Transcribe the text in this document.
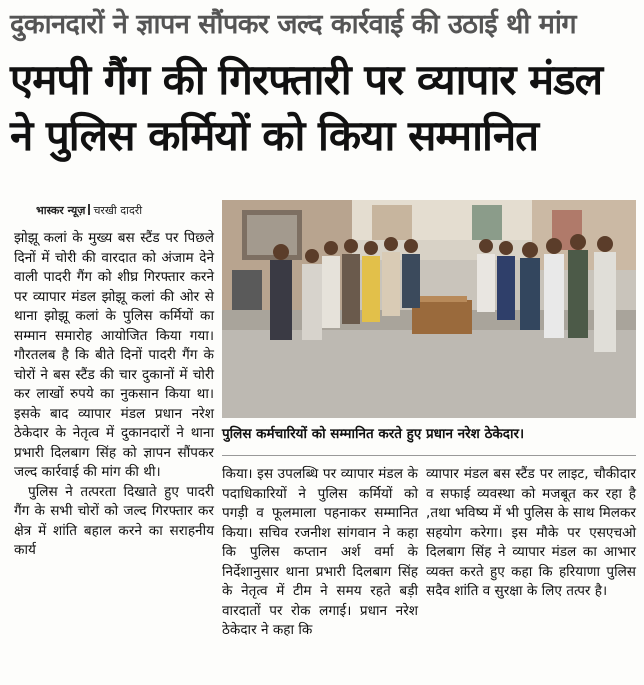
दुकानदारों ने ज्ञापन सौंपकर जल्द कार्रवाई की उठाई थी मांग
एमपी गैंग की गिरफ्तारी पर व्यापार मंडल
ने पुलिस कर्मियों को किया सम्मानित
भास्कर न्यूज़ चरखी दादरी
पुलिस कर्मचारियों को सम्मानित करते हुए प्रधान नरेश ठेकेदार।

झोझू कलां के मुख्य बस स्टैंड पर पिछले दिनों में चोरी की वारदात को अंजाम देने वाली पादरी गैंग को शीघ्र गिरफ्तार करने पर व्यापार मंडल झोझू कलां की ओर से थाना झोझू कलां के पुलिस कर्मियों का सम्मान समारोह आयोजित किया गया। गौरतलब है कि बीते दिनों पादरी गैंग के चोरों ने बस स्टैंड की चार दुकानों में चोरी कर लाखों रुपये का नुकसान किया था। इसके बाद व्यापार मंडल प्रधान नरेश ठेकेदार के नेतृत्व में दुकानदारों ने थाना प्रभारी दिलबाग सिंह को ज्ञापन सौंपकर जल्द कार्रवाई की मांग की थी।

पुलिस ने तत्परता दिखाते हुए पादरी गैंग के सभी चोरों को जल्द गिरफ्तार कर क्षेत्र में शांति बहाल करने का सराहनीय कार्य

किया। इस उपलब्धि पर व्यापार मंडल के पदाधिकारियों ने पुलिस कर्मियों को पगड़ी व फूलमाला पहनाकर सम्मानित किया। सचिव रजनीश सांगवान ने कहा कि पुलिस कप्तान अर्श वर्मा के निर्देशानुसार थाना प्रभारी दिलबाग सिंह के नेतृत्व में टीम ने समय रहते बड़ी वारदातों पर रोक लगाई। प्रधान नरेश ठेकेदार ने कहा कि

व्यापार मंडल बस स्टैंड पर लाइट, चौकीदार व सफाई व्यवस्था को मजबूत कर रहा है ,तथा भविष्य में भी पुलिस के साथ मिलकर सहयोग करेगा। इस मौके पर एसएचओ दिलबाग सिंह ने व्यापार मंडल का आभार व्यक्त करते हुए कहा कि हरियाणा पुलिस सदैव शांति व सुरक्षा के लिए तत्पर है।
